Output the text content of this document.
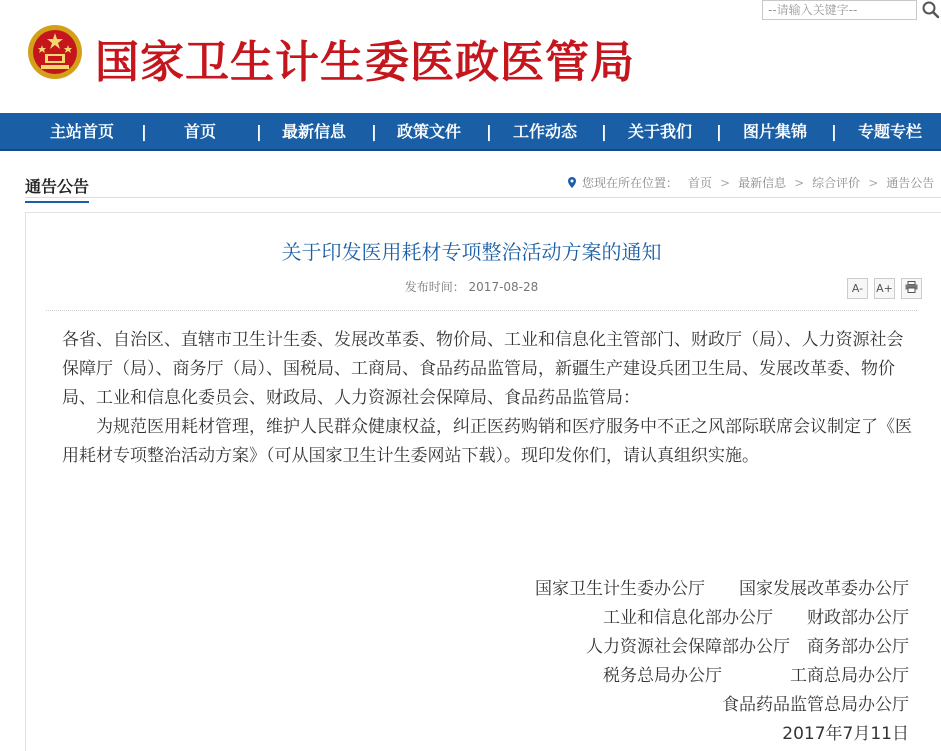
国家卫生计生委医政医管局
--请输入关键字--
主站首页 | 首页 | 最新信息 | 政策文件 | 工作动态 | 关于我们 | 图片集锦 | 专题专栏
通告公告	您现在所在位置： 首页 > 最新信息 > 综合评价 > 通告公告
关于印发医用耗材专项整治活动方案的通知
发布时间： 2017-08-28	A- A+

各省、自治区、直辖市卫生计生委、发展改革委、物价局、工业和信息化主管部门、财政厅（局）、人力资源社会保障厅（局）、商务厅（局）、国税局、工商局、食品药品监管局，新疆生产建设兵团卫生局、发展改革委、物价局、工业和信息化委员会、财政局、人力资源社会保障局、食品药品监管局：

为规范医用耗材管理，维护人民群众健康权益，纠正医药购销和医疗服务中不正之风部际联席会议制定了《医用耗材专项整治活动方案》（可从国家卫生计生委网站下载）。现印发你们，请认真组织实施。

国家卫生计生委办公厅　　国家发展改革委办公厅
工业和信息化部办公厅　　财政部办公厅
人力资源社会保障部办公厅　商务部办公厅
税务总局办公厅　　　　工商总局办公厅
食品药品监管总局办公厅
2017年7月11日
